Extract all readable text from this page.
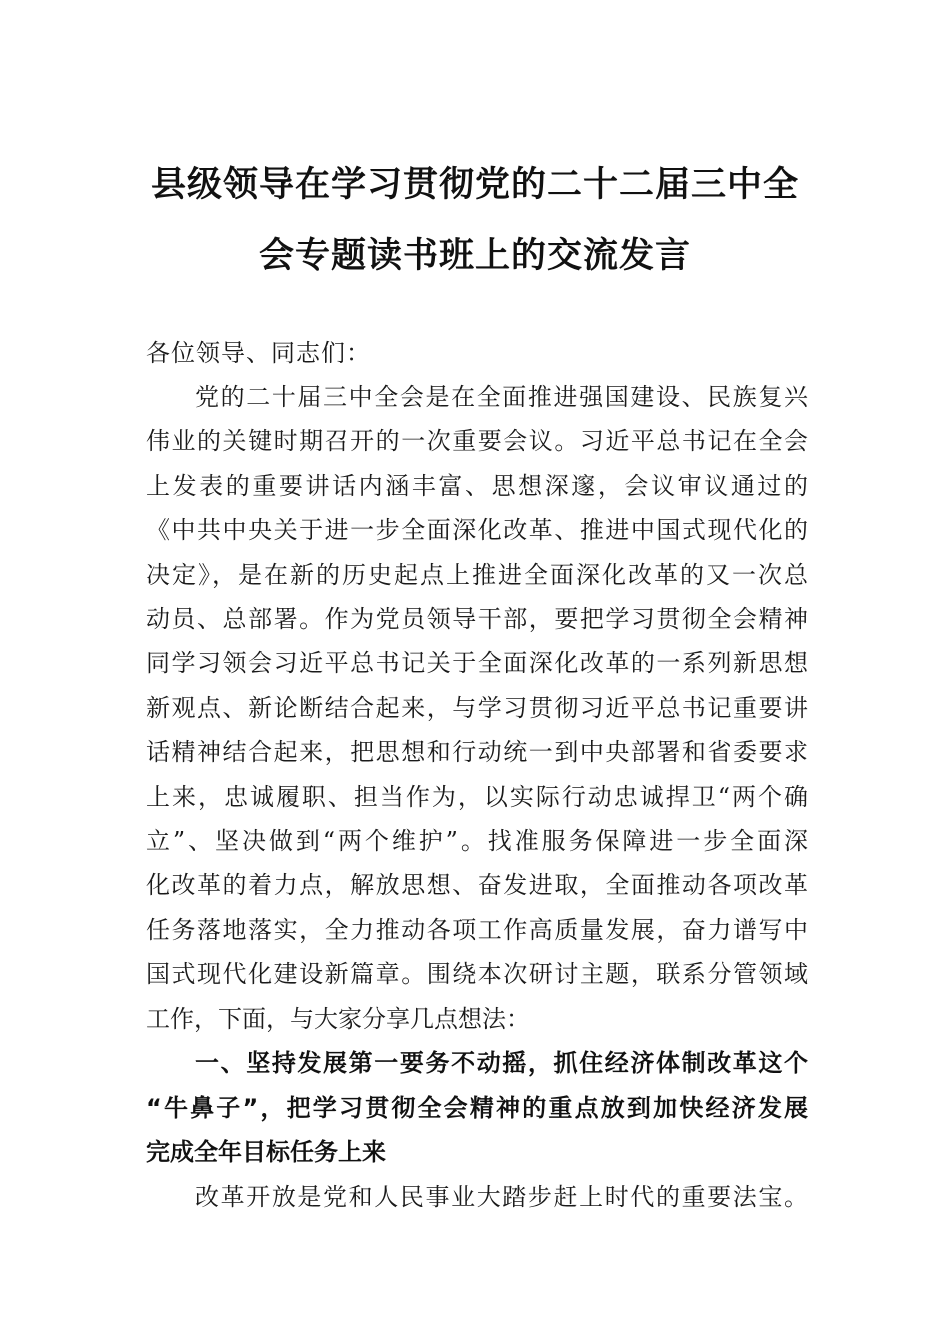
县级领导在学习贯彻党的二十二届三中全
会专题读书班上的交流发言
各位领导、同志们：
党的二十届三中全会是在全面推进强国建设、民族复兴
伟业的关键时期召开的一次重要会议。习近平总书记在全会
上发表的重要讲话内涵丰富、思想深邃，会议审议通过的
《中共中央关于进一步全面深化改革、推进中国式现代化的
决定》，是在新的历史起点上推进全面深化改革的又一次总
动员、总部署。作为党员领导干部，要把学习贯彻全会精神
同学习领会习近平总书记关于全面深化改革的一系列新思想
新观点、新论断结合起来，与学习贯彻习近平总书记重要讲
话精神结合起来，把思想和行动统一到中央部署和省委要求
上来，忠诚履职、担当作为，以实际行动忠诚捍卫“两个确
立”、坚决做到“两个维护”。找准服务保障进一步全面深
化改革的着力点，解放思想、奋发进取，全面推动各项改革
任务落地落实，全力推动各项工作高质量发展，奋力谱写中
国式现代化建设新篇章。围绕本次研讨主题，联系分管领域
工作，下面，与大家分享几点想法：
一、坚持发展第一要务不动摇，抓住经济体制改革这个
“牛鼻子”，把学习贯彻全会精神的重点放到加快经济发展
完成全年目标任务上来
改革开放是党和人民事业大踏步赶上时代的重要法宝。
